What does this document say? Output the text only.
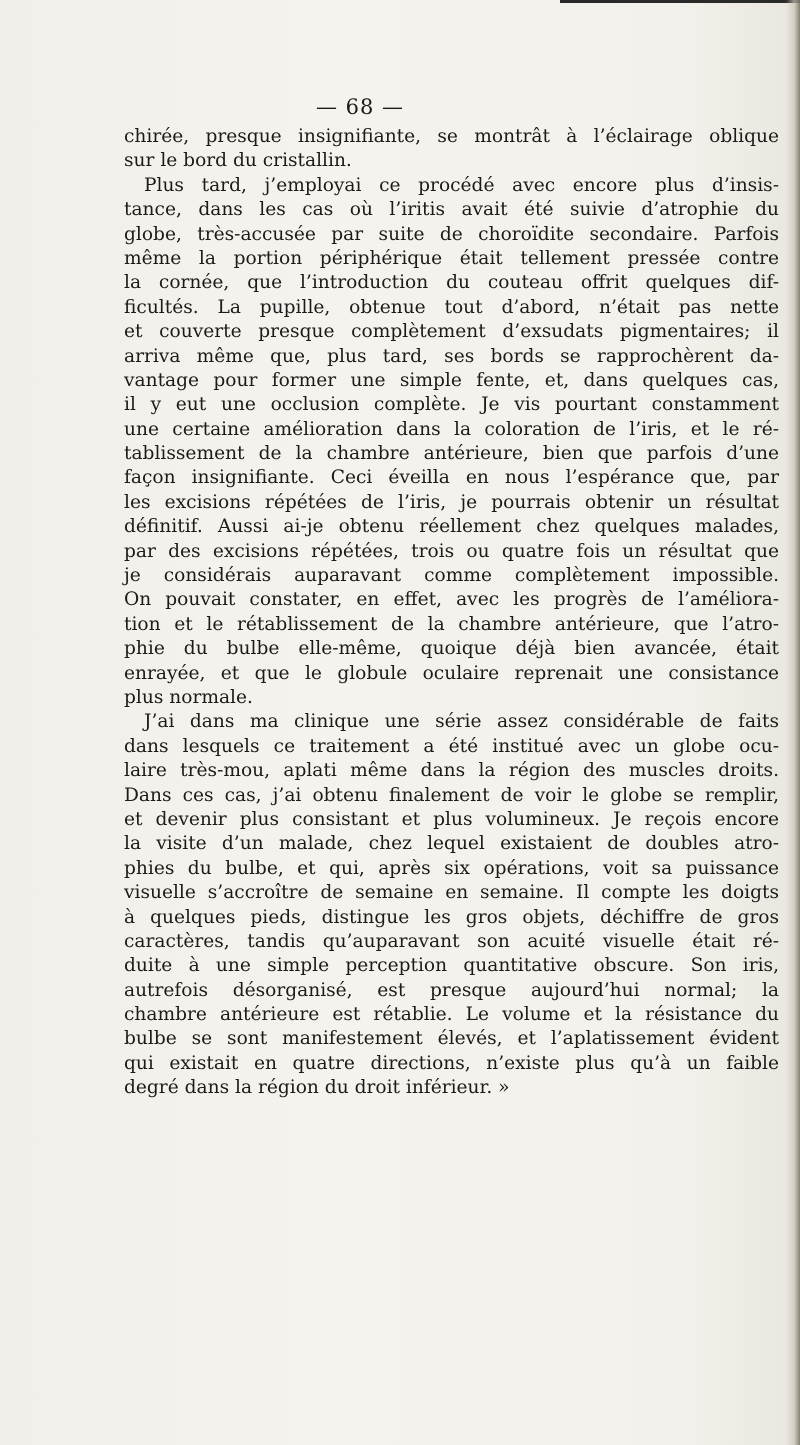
— 68 —
chirée, presque insignifiante, se montrât à l’éclairage oblique
sur le bord du cristallin.
Plus tard, j’employai ce procédé avec encore plus d’insis-
tance, dans les cas où l’iritis avait été suivie d’atrophie du
globe, très-accusée par suite de choroïdite secondaire. Parfois
même la portion périphérique était tellement pressée contre
la cornée, que l’introduction du couteau offrit quelques dif-
ficultés. La pupille, obtenue tout d’abord, n’était pas nette
et couverte presque complètement d’exsudats pigmentaires; il
arriva même que, plus tard, ses bords se rapprochèrent da-
vantage pour former une simple fente, et, dans quelques cas,
il y eut une occlusion complète. Je vis pourtant constamment
une certaine amélioration dans la coloration de l’iris, et le ré-
tablissement de la chambre antérieure, bien que parfois d’une
façon insignifiante. Ceci éveilla en nous l’espérance que, par
les excisions répétées de l’iris, je pourrais obtenir un résultat
définitif. Aussi ai-je obtenu réellement chez quelques malades,
par des excisions répétées, trois ou quatre fois un résultat que
je considérais auparavant comme complètement impossible.
On pouvait constater, en effet, avec les progrès de l’améliora-
tion et le rétablissement de la chambre antérieure, que l’atro-
phie du bulbe elle-même, quoique déjà bien avancée, était
enrayée, et que le globule oculaire reprenait une consistance
plus normale.
J’ai dans ma clinique une série assez considérable de faits
dans lesquels ce traitement a été institué avec un globe ocu-
laire très-mou, aplati même dans la région des muscles droits.
Dans ces cas, j’ai obtenu finalement de voir le globe se remplir,
et devenir plus consistant et plus volumineux. Je reçois encore
la visite d’un malade, chez lequel existaient de doubles atro-
phies du bulbe, et qui, après six opérations, voit sa puissance
visuelle s’accroître de semaine en semaine. Il compte les doigts
à quelques pieds, distingue les gros objets, déchiffre de gros
caractères, tandis qu’auparavant son acuité visuelle était ré-
duite à une simple perception quantitative obscure. Son iris,
autrefois désorganisé, est presque aujourd’hui normal; la
chambre antérieure est rétablie. Le volume et la résistance du
bulbe se sont manifestement élevés, et l’aplatissement évident
qui existait en quatre directions, n’existe plus qu’à un faible
degré dans la région du droit inférieur. »
